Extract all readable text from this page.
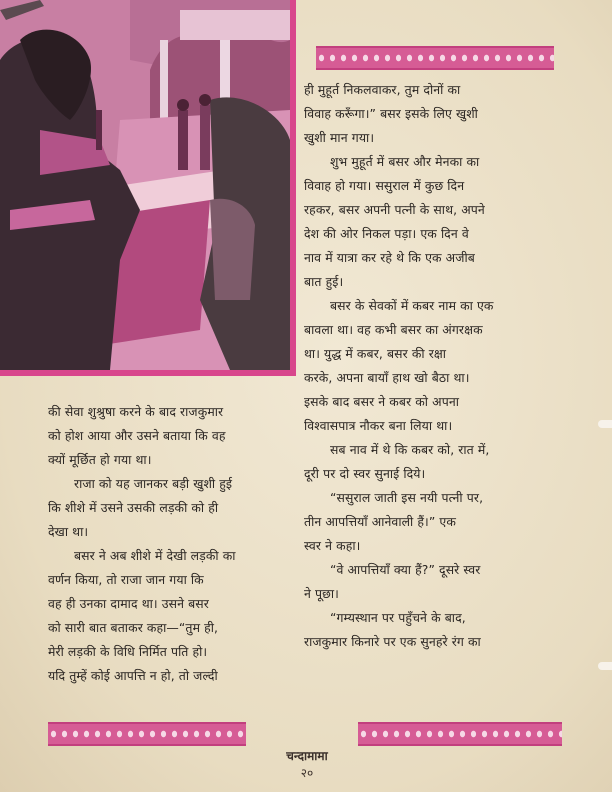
ही मुहूर्त निकलवाकर, तुम दोनों का

विवाह करूँगा।” बसर इसके लिए खुशी

खुशी मान गया।

शुभ मुहूर्त में बसर और मेनका का

विवाह हो गया। ससुराल में कुछ दिन

रहकर, बसर अपनी पत्नी के साथ, अपने

देश की ओर निकल पड़ा। एक दिन वे

नाव में यात्रा कर रहे थे कि एक अजीब

बात हुई।

बसर के सेवकों में कबर नाम का एक

बावला था। वह कभी बसर का अंगरक्षक

था। युद्ध में कबर, बसर की रक्षा

करके, अपना बायाँ हाथ खो बैठा था।

इसके बाद बसर ने कबर को अपना

विश्वासपात्र नौकर बना लिया था।

सब नाव में थे कि कबर को, रात में,

दूरी पर दो स्वर सुनाई दिये।

“ससुराल जाती इस नयी पत्नी पर,

तीन आपत्तियाँ आनेवाली हैं।” एक

स्वर ने कहा।

“वे आपत्तियाँ क्या हैं?” दूसरे स्वर

ने पूछा।

“गम्यस्थान पर पहुँचने के बाद,

राजकुमार किनारे पर एक सुनहरे रंग का

की सेवा शुश्रुषा करने के बाद राजकुमार

को होश आया और उसने बताया कि वह

क्यों मूर्छित हो गया था।

राजा को यह जानकर बड़ी खुशी हुई

कि शीशे में उसने उसकी लड़की को ही

देखा था।

बसर ने अब शीशे में देखी लड़की का

वर्णन किया, तो राजा जान गया कि

वह ही उनका दामाद था। उसने बसर

को सारी बात बताकर कहा—“तुम ही,

मेरी लड़की के विधि निर्मित पति हो।

यदि तुम्हें कोई आपत्ति न हो, तो जल्दी

चन्दामामा
२०
